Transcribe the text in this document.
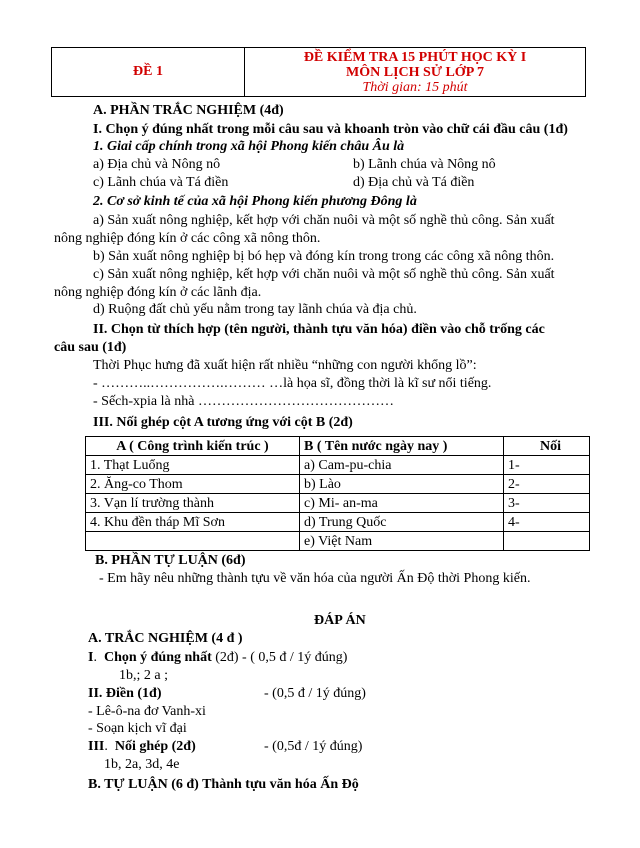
ĐỀ 1	
ĐỀ KIỂM TRA 15 PHÚT HỌC KỲ I
MÔN LỊCH SỬ LỚP 7
Thời gian: 15 phút
A. PHẦN TRẮC NGHIỆM (4đ)
I. Chọn ý đúng nhất trong mỗi câu sau và khoanh tròn vào chữ cái đầu câu (1đ)
1. Giai cấp chính trong xã hội Phong kiến châu Âu là
a) Địa chủ và Nông nô	b) Lãnh chúa và Nông nô
c) Lãnh chúa và Tá điền	d) Địa chủ và Tá điền
2. Cơ sở kinh tế của xã hội Phong kiến phương Đông là
a) Sản xuất nông nghiệp, kết hợp với chăn nuôi và một số nghề thủ công. Sản xuất
nông nghiệp đóng kín ở các công xã nông thôn.
b) Sản xuất nông nghiệp bị bó hẹp và đóng kín trong trong các công xã nông thôn.
c) Sản xuất nông nghiệp, kết hợp với chăn nuôi và một số nghề thủ công. Sản xuất
nông nghiệp đóng kín ở các lãnh địa.
d) Ruộng đất chủ yếu nằm trong tay lãnh chúa và địa chủ.
II. Chọn từ thích hợp (tên người, thành tựu văn hóa) điền vào chỗ trống các
câu sau (1đ)
Thời Phục hưng đã xuất hiện rất nhiều “những con người khổng lồ”:
- ………..…………….……… …là họa sĩ, đồng thời là kĩ sư nổi tiếng.
- Sếch-xpia là nhà ……………………………………
III. Nối ghép cột A tương ứng với cột B (2đ)
A ( Công trình kiến trúc )	B ( Tên nước ngày nay )	Nối
1. Thạt Luổng	a) Cam-pu-chia	1-
2. Ăng-co Thom	b) Lào	2-
3. Vạn lí trường thành	c) Mi- an-ma	3-
4. Khu đền tháp Mĩ Sơn	d) Trung Quốc	4-
	e) Việt Nam	
B. PHẦN TỰ LUẬN (6đ)
- Em hãy nêu những thành tựu về văn hóa của người Ấn Độ thời Phong kiến.
ĐÁP ÁN
A. TRẮC NGHIỆM (4 đ )
I.  Chọn ý đúng nhất (2đ) - ( 0,5 đ / 1ý đúng)
1b,; 2 a ;
II. Điền (1đ)	- (0,5 đ / 1ý đúng)
- Lê-ô-na đơ Vanh-xi
- Soạn kịch vĩ đại
III.  Nối ghép (2đ)	- (0,5đ / 1ý đúng)
1b, 2a, 3d, 4e
B. TỰ LUẬN (6 đ) Thành tựu văn hóa Ấn Độ
